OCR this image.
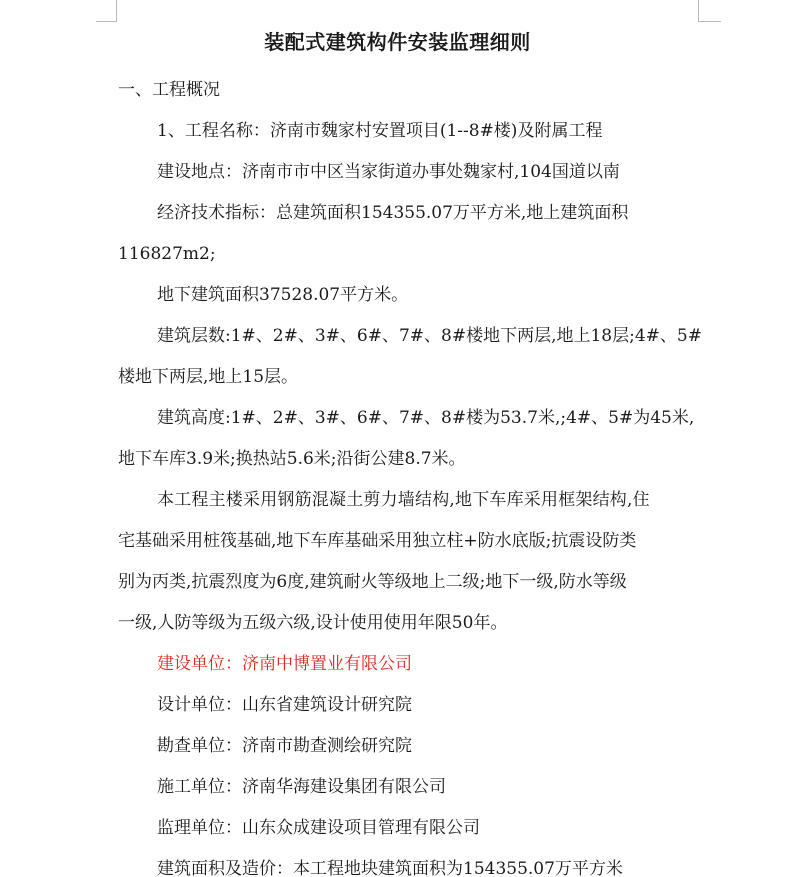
装配式建筑构件安装监理细则
一、工程概况
1、工程名称：济南市魏家村安置项目(1--8#楼)及附属工程
建设地点：济南市市中区当家街道办事处魏家村,104国道以南
经济技术指标：总建筑面积154355.07万平方米,地上建筑面积
116827m2;
地下建筑面积37528.07平方米。
建筑层数:1#、2#、3#、6#、7#、8#楼地下两层,地上18层;4#、5#
楼地下两层,地上15层。
建筑高度:1#、2#、3#、6#、7#、8#楼为53.7米,;4#、5#为45米,
地下车库3.9米;换热站5.6米;沿街公建8.7米。
本工程主楼采用钢筋混凝土剪力墙结构,地下车库采用框架结构,住
宅基础采用桩筏基础,地下车库基础采用独立柱+防水底版;抗震设防类
别为丙类,抗震烈度为6度,建筑耐火等级地上二级;地下一级,防水等级
一级,人防等级为五级六级,设计使用使用年限50年。
建设单位：济南中博置业有限公司
设计单位：山东省建筑设计研究院
勘查单位：济南市勘查测绘研究院
施工单位：济南华海建设集团有限公司
监理单位：山东众成建设项目管理有限公司
建筑面积及造价：本工程地块建筑面积为154355.07万平方米
